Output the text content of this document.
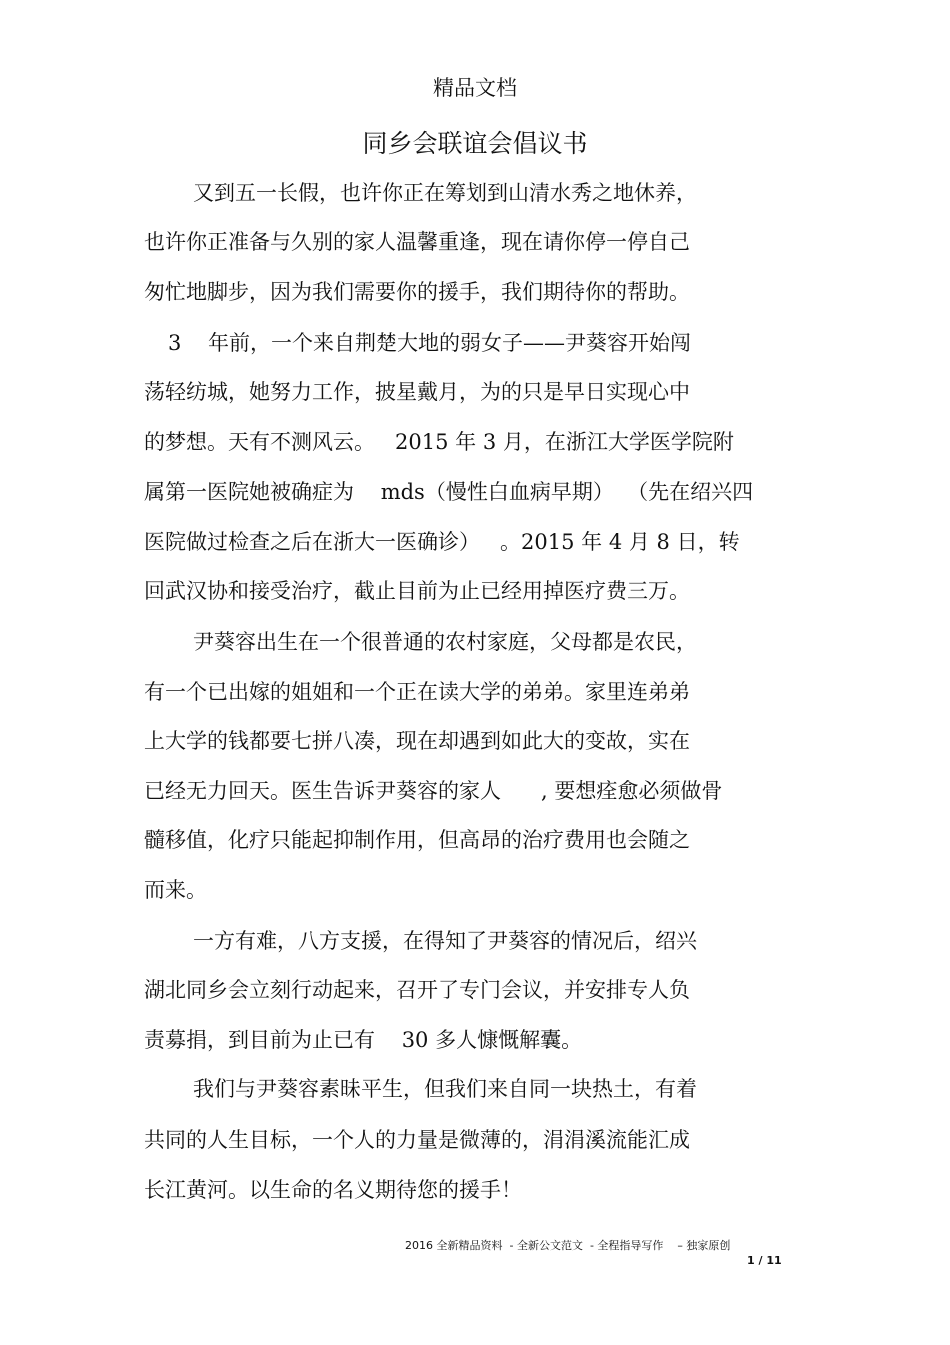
精品文档
同乡会联谊会倡议书
又到五一长假，也许你正在筹划到山清水秀之地休养，
也许你正准备与久别的家人温馨重逢，现在请你停一停自己
匆忙地脚步，因为我们需要你的援手，我们期待你的帮助。
3    年前，一个来自荆楚大地的弱女子——尹葵容开始闯
荡轻纺城，她努力工作，披星戴月，为的只是早日实现心中
的梦想。天有不测风云。   2015 年 3 月，在浙江大学医学院附
属第一医院她被确症为    mds（慢性白血病早期）  （先在绍兴四
医院做过检查之后在浙大一医确诊）   。2015 年 4 月 8 日，转
回武汉协和接受治疗，截止目前为止已经用掉医疗费三万。
尹葵容出生在一个很普通的农村家庭，父母都是农民，
有一个已出嫁的姐姐和一个正在读大学的弟弟。家里连弟弟
上大学的钱都要七拼八凑，现在却遇到如此大的变故，实在
已经无力回天。医生告诉尹葵容的家人      , 要想痊愈必须做骨
髓移值，化疗只能起抑制作用，但高昂的治疗费用也会随之
而来。
一方有难，八方支援，在得知了尹葵容的情况后，绍兴
湖北同乡会立刻行动起来，召开了专门会议，并安排专人负
责募捐，到目前为止已有    30 多人慷慨解囊。
我们与尹葵容素昧平生，但我们来自同一块热土，有着
共同的人生目标，一个人的力量是微薄的，涓涓溪流能汇成
长江黄河。以生命的名义期待您的援手！
2016 全新精品资料  - 全新公文范文  - 全程指导写作    – 独家原创
1 / 11
